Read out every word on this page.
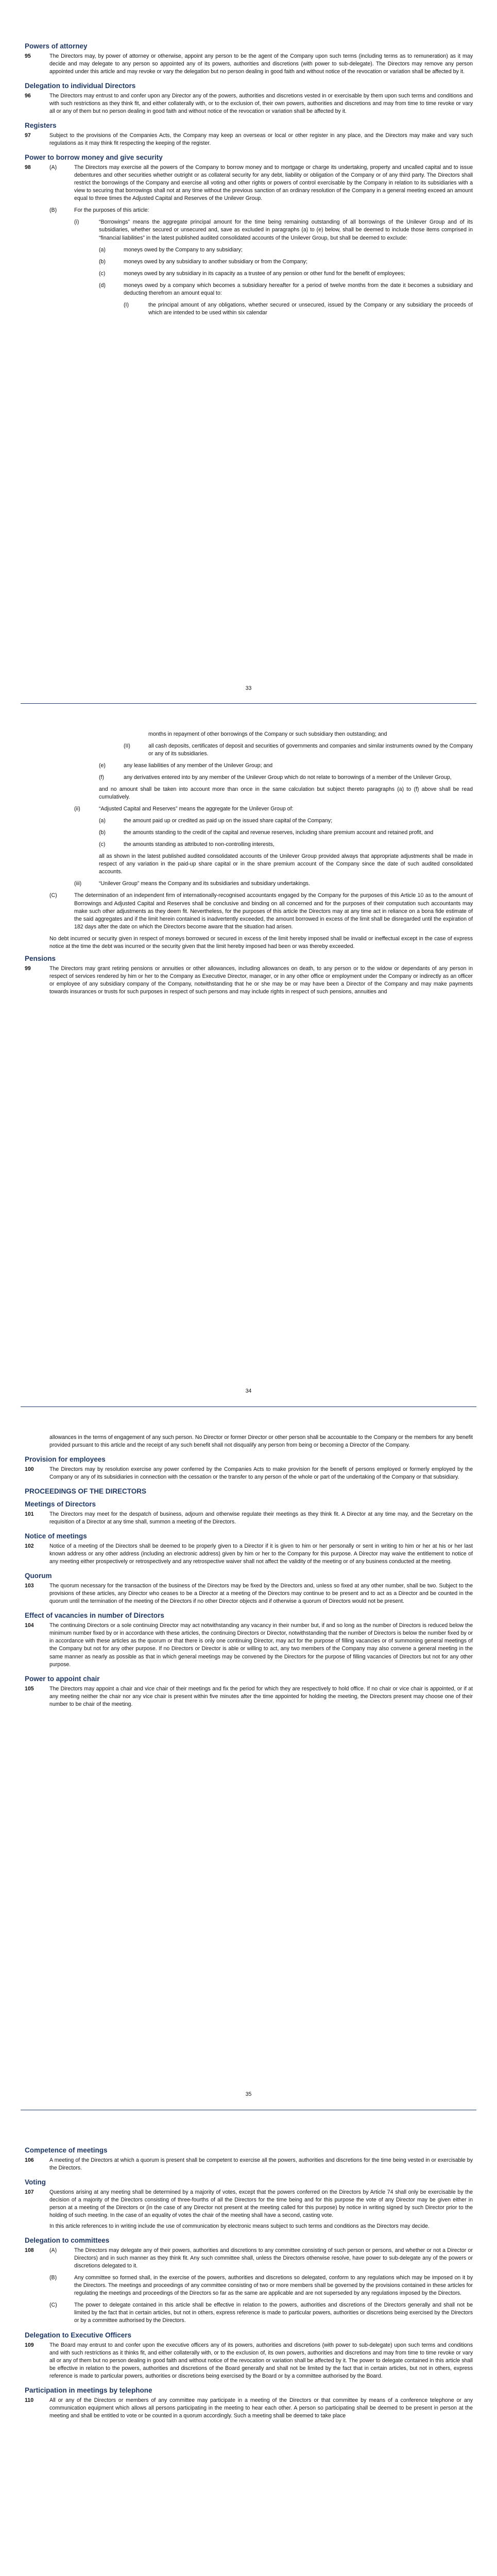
Powers of attorney
95	The Directors may, by power of attorney or otherwise, appoint any person to be the agent of the Company upon such terms (including terms as to remuneration) as it may decide and may delegate to any person so appointed any of its powers, authorities and discretions (with power to sub-delegate). The Directors may remove any person appointed under this article and may revoke or vary the delegation but no person dealing in good faith and without notice of the revocation or variation shall be affected by it.
Delegation to individual Directors
96	The Directors may entrust to and confer upon any Director any of the powers, authorities and discretions vested in or exercisable by them upon such terms and conditions and with such restrictions as they think fit, and either collaterally with, or to the exclusion of, their own powers, authorities and discretions and may from time to time revoke or vary all or any of them but no person dealing in good faith and without notice of the revocation or variation shall be affected by it.
Registers
97	Subject to the provisions of the Companies Acts, the Company may keep an overseas or local or other register in any place, and the Directors may make and vary such regulations as it may think fit respecting the keeping of the register.
Power to borrow money and give security
98	(A)	The Directors may exercise all the powers of the Company to borrow money and to mortgage or charge its undertaking, property and uncalled capital and to issue debentures and other securities whether outright or as collateral security for any debt, liability or obligation of the Company or of any third party. The Directors shall restrict the borrowings of the Company and exercise all voting and other rights or powers of control exercisable by the Company in relation to its subsidiaries with a view to securing that borrowings shall not at any time without the previous sanction of an ordinary resolution of the Company in a general meeting exceed an amount equal to three times the Adjusted Capital and Reserves of the Unilever Group.
(B)	For the purposes of this article:
(i)	“Borrowings” means the aggregate principal amount for the time being remaining outstanding of all borrowings of the Unilever Group and of its subsidiaries, whether secured or unsecured and, save as excluded in paragraphs (a) to (e) below, shall be deemed to include those items comprised in “financial liabilities” in the latest published audited consolidated accounts of the Unilever Group, but shall be deemed to exclude:
(a)	moneys owed by the Company to any subsidiary;
(b)	moneys owed by any subsidiary to another subsidiary or from the Company;
(c)	moneys owed by any subsidiary in its capacity as a trustee of any pension or other fund for the benefit of employees;
(d)	moneys owed by a company which becomes a subsidiary hereafter for a period of twelve months from the date it becomes a subsidiary and deducting therefrom an amount equal to:
(I)	the principal amount of any obligations, whether secured or unsecured, issued by the Company or any subsidiary the proceeds of which are intended to be used within six calendar
33
months in repayment of other borrowings of the Company or such subsidiary then outstanding; and
(II)	all cash deposits, certificates of deposit and securities of governments and companies and similar instruments owned by the Company or any of its subsidiaries.
(e)	any lease liabilities of any member of the Unilever Group; and
(f)	any derivatives entered into by any member of the Unilever Group which do not relate to borrowings of a member of the Unilever Group,
and no amount shall be taken into account more than once in the same calculation but subject thereto paragraphs (a) to (f) above shall be read cumulatively.
(ii)	“Adjusted Capital and Reserves” means the aggregate for the Unilever Group of:
(a)	the amount paid up or credited as paid up on the issued share capital of the Company;
(b)	the amounts standing to the credit of the capital and revenue reserves, including share premium account and retained profit, and
(c)	the amounts standing as attributed to non-controlling interests,
all as shown in the latest published audited consolidated accounts of the Unilever Group provided always that appropriate adjustments shall be made in respect of any variation in the paid-up share capital or in the share premium account of the Company since the date of such audited consolidated accounts.
(iii)	“Unilever Group” means the Company and its subsidiaries and subsidiary undertakings.
(C)	The determination of an independent firm of internationally-recognised accountants engaged by the Company for the purposes of this Article 10 as to the amount of Borrowings and Adjusted Capital and Reserves shall be conclusive and binding on all concerned and for the purposes of their computation such accountants may make such other adjustments as they deem fit. Nevertheless, for the purposes of this article the Directors may at any time act in reliance on a bona fide estimate of the said aggregates and if the limit herein contained is inadvertently exceeded, the amount borrowed in excess of the limit shall be disregarded until the expiration of 182 days after the date on which the Directors become aware that the situation had arisen.
No debt incurred or security given in respect of moneys borrowed or secured in excess of the limit hereby imposed shall be invalid or ineffectual except in the case of express notice at the time the debt was incurred or the security given that the limit hereby imposed had been or was thereby exceeded.
Pensions
99	The Directors may grant retiring pensions or annuities or other allowances, including allowances on death, to any person or to the widow or dependants of any person in respect of services rendered by him or her to the Company as Executive Director, manager, or in any other office or employment under the Company or indirectly as an officer or employee of any subsidiary company of the Company, notwithstanding that he or she may be or may have been a Director of the Company and may make payments towards insurances or trusts for such purposes in respect of such persons and may include rights in respect of such pensions, annuities and
34
allowances in the terms of engagement of any such person. No Director or former Director or other person shall be accountable to the Company or the members for any benefit provided pursuant to this article and the receipt of any such benefit shall not disqualify any person from being or becoming a Director of the Company.
Provision for employees
100	The Directors may by resolution exercise any power conferred by the Companies Acts to make provision for the benefit of persons employed or formerly employed by the Company or any of its subsidiaries in connection with the cessation or the transfer to any person of the whole or part of the undertaking of the Company or that subsidiary.
PROCEEDINGS OF THE DIRECTORS
Meetings of Directors
101	The Directors may meet for the despatch of business, adjourn and otherwise regulate their meetings as they think fit. A Director at any time may, and the Secretary on the requisition of a Director at any time shall, summon a meeting of the Directors.
Notice of meetings
102	Notice of a meeting of the Directors shall be deemed to be properly given to a Director if it is given to him or her personally or sent in writing to him or her at his or her last known address or any other address (including an electronic address) given by him or her to the Company for this purpose. A Director may waive the entitlement to notice of any meeting either prospectively or retrospectively and any retrospective waiver shall not affect the validity of the meeting or of any business conducted at the meeting.
Quorum
103	The quorum necessary for the transaction of the business of the Directors may be fixed by the Directors and, unless so fixed at any other number, shall be two. Subject to the provisions of these articles, any Director who ceases to be a Director at a meeting of the Directors may continue to be present and to act as a Director and be counted in the quorum until the termination of the meeting of the Directors if no other Director objects and if otherwise a quorum of Directors would not be present.
Effect of vacancies in number of Directors
104	The continuing Directors or a sole continuing Director may act notwithstanding any vacancy in their number but, if and so long as the number of Directors is reduced below the minimum number fixed by or in accordance with these articles, the continuing Directors or Director, notwithstanding that the number of Directors is below the number fixed by or in accordance with these articles as the quorum or that there is only one continuing Director, may act for the purpose of filling vacancies or of summoning general meetings of the Company but not for any other purpose. If no Directors or Director is able or willing to act, any two members of the Company may also convene a general meeting in the same manner as nearly as possible as that in which general meetings may be convened by the Directors for the purpose of filling vacancies of Directors but not for any other purpose.
Power to appoint chair
105	The Directors may appoint a chair and vice chair of their meetings and fix the period for which they are respectively to hold office. If no chair or vice chair is appointed, or if at any meeting neither the chair nor any vice chair is present within five minutes after the time appointed for holding the meeting, the Directors present may choose one of their number to be chair of the meeting.
35
Competence of meetings
106	A meeting of the Directors at which a quorum is present shall be competent to exercise all the powers, authorities and discretions for the time being vested in or exercisable by the Directors.
Voting
107	Questions arising at any meeting shall be determined by a majority of votes, except that the powers conferred on the Directors by Article 74 shall only be exercisable by the decision of a majority of the Directors consisting of three-fourths of all the Directors for the time being and for this purpose the vote of any Director may be given either in person at a meeting of the Directors or (in the case of any Director not present at the meeting called for this purpose) by notice in writing signed by such Director prior to the holding of such meeting. In the case of an equality of votes the chair of the meeting shall have a second, casting vote.
In this article references to in writing include the use of communication by electronic means subject to such terms and conditions as the Directors may decide.
Delegation to committees
108	(A)	The Directors may delegate any of their powers, authorities and discretions to any committee consisting of such person or persons, and whether or not a Director or Directors) and in such manner as they think fit. Any such committee shall, unless the Directors otherwise resolve, have power to sub-delegate any of the powers or discretions delegated to it.
(B)	Any committee so formed shall, in the exercise of the powers, authorities and discretions so delegated, conform to any regulations which may be imposed on it by the Directors. The meetings and proceedings of any committee consisting of two or more members shall be governed by the provisions contained in these articles for regulating the meetings and proceedings of the Directors so far as the same are applicable and are not superseded by any regulations imposed by the Directors.
(C)	The power to delegate contained in this article shall be effective in relation to the powers, authorities and discretions of the Directors generally and shall not be limited by the fact that in certain articles, but not in others, express reference is made to particular powers, authorities or discretions being exercised by the Directors or by a committee authorised by the Directors.
Delegation to Executive Officers
109	The Board may entrust to and confer upon the executive officers any of its powers, authorities and discretions (with power to sub-delegate) upon such terms and conditions and with such restrictions as it thinks fit, and either collaterally with, or to the exclusion of, its own powers, authorities and discretions and may from time to time revoke or vary all or any of them but no person dealing in good faith and without notice of the revocation or variation shall be affected by it. The power to delegate contained in this article shall be effective in relation to the powers, authorities and discretions of the Board generally and shall not be limited by the fact that in certain articles, but not in others, express reference is made to particular powers, authorities or discretions being exercised by the Board or by a committee authorised by the Board.
Participation in meetings by telephone
110	All or any of the Directors or members of any committee may participate in a meeting of the Directors or that committee by means of a conference telephone or any communication equipment which allows all persons participating in the meeting to hear each other. A person so participating shall be deemed to be present in person at the meeting and shall be entitled to vote or be counted in a quorum accordingly. Such a meeting shall be deemed to take place
